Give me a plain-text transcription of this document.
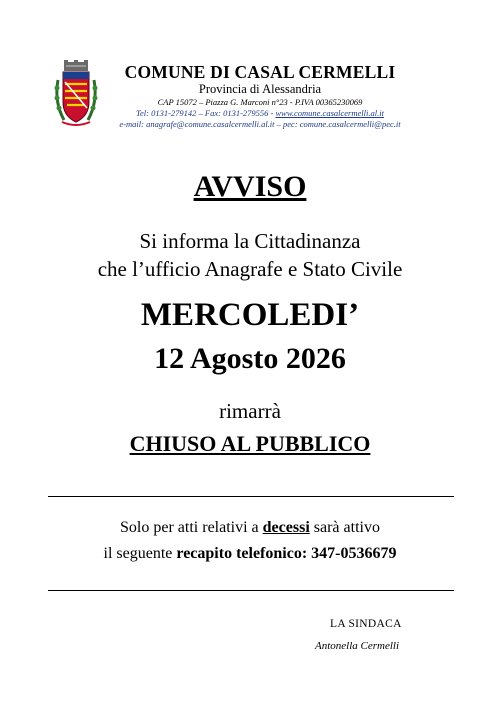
COMUNE DI CASAL CERMELLI
Provincia di Alessandria
CAP 15072 – Piazza G. Marconi n°23 - P.IVA 00365230069
Tel: 0131-279142 – Fax: 0131-279556 - www.comune.casalcermelli.al.it
e-mail: anagrafe@comune.casalcermelli.al.it – pec: comune.casalcermelli@pec.it
AVVISO
Si informa la Cittadinanza
che l’ufficio Anagrafe e Stato Civile
MERCOLEDI’
12 Agosto 2026
rimarrà
CHIUSO AL PUBBLICO
Solo per atti relativi a decessi sarà attivo
il seguente recapito telefonico: 347-0536679
LA SINDACA
Antonella Cermelli
